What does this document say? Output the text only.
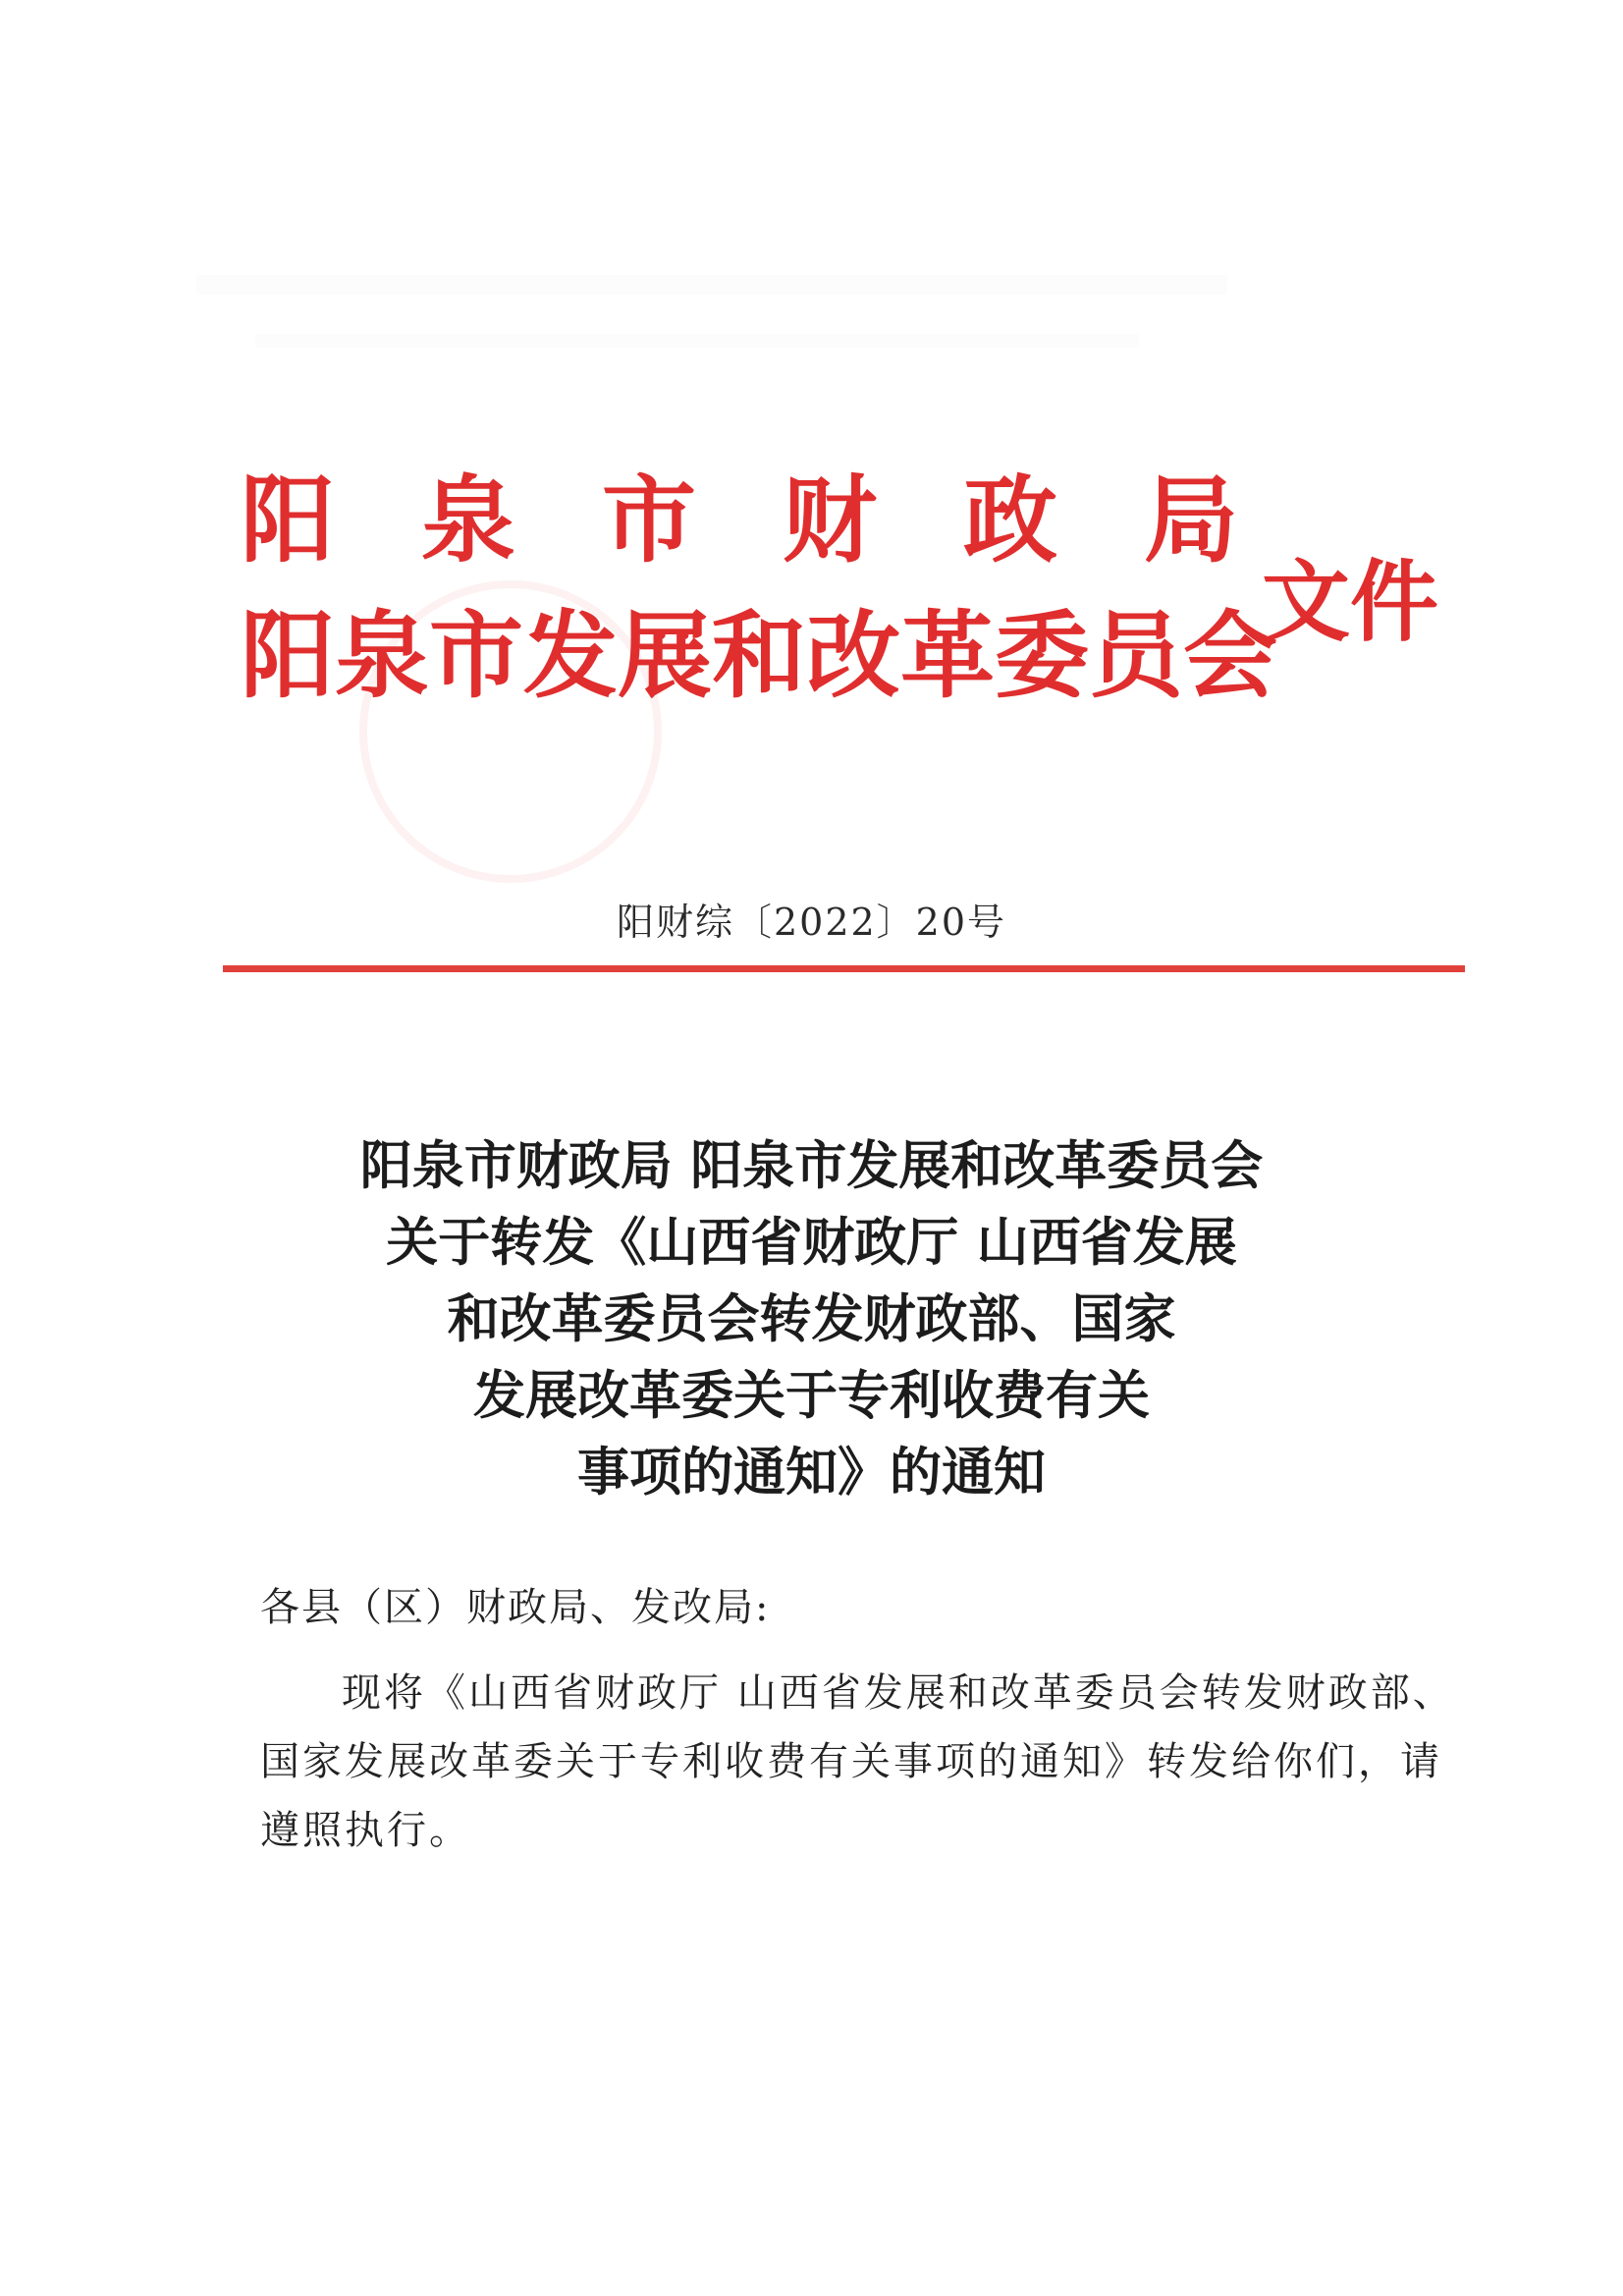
阳泉市财政局
阳泉市发展和改革委员会
文件
阳财综〔2022〕20号
阳泉市财政局 阳泉市发展和改革委员会
关于转发《山西省财政厅 山西省发展
和改革委员会转发财政部、国家
发展改革委关于专利收费有关
事项的通知》的通知
各县（区）财政局、发改局:
现将《山西省财政厅 山西省发展和改革委员会转发财政部、
国家发展改革委关于专利收费有关事项的通知》转发给你们，请
遵照执行。
